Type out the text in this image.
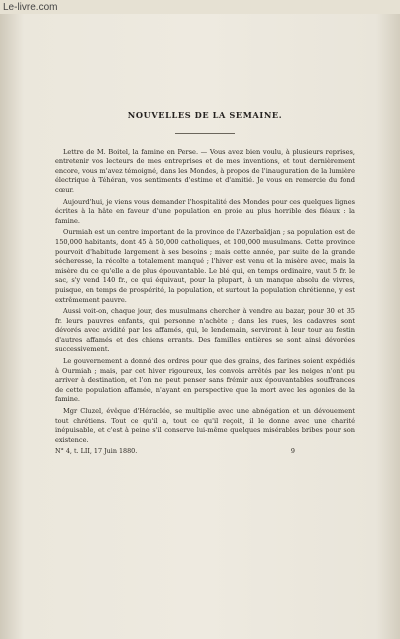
Le-livre.com
NOUVELLES DE LA SEMAINE.

Lettre de M. Boitel, la famine en Perse. — Vous avez bien voulu, à plusieurs reprises, entretenir vos lecteurs de mes entreprises et de mes inventions, et tout dernièrement encore, vous m'avez témoigné, dans les Mondes, à propos de l'inauguration de la lumière électrique à Téhéran, vos sentiments d'estime et d'amitié. Je vous en remercie du fond cœur.

Aujourd'hui, je viens vous demander l'hospitalité des Mondes pour ces quelques lignes écrites à la hâte en faveur d'une population en proie au plus horrible des fléaux : la famine.

Ourmiah est un centre important de la province de l'Azerbaïdjan ; sa population est de 150,000 habitants, dont 45 à 50,000 catholiques, et 100,000 musulmans. Cette province pourvoit d'habitude largement à ses besoins ; mais cette année, par suite de la grande sécheresse, la récolte a totalement manqué ; l'hiver est venu et la misère avec, mais la misère du ce qu'elle a de plus épouvantable. Le blé qui, en temps ordinaire, vaut 5 fr. le sac, s'y vend 140 fr., ce qui équivaut, pour la plupart, à un manque absolu de vivres, puisque, en temps de prospérité, la population, et surtout la population chrétienne, y est extrêmement pauvre.

Aussi voit-on, chaque jour, des musulmans chercher à vendre au bazar, pour 30 et 35 fr. leurs pauvres enfants, qui personne n'achète ; dans les rues, les cadavres sont dévorés avec avidité par les affamés, qui, le lendemain, serviront à leur tour au festin d'autres affamés et des chiens errants. Des familles entières se sont ainsi dévorées successivement.

Le gouvernement a donné des ordres pour que des grains, des farines soient expédiés à Ourmiah ; mais, par cet hiver rigoureux, les convois arrêtés par les neiges n'ont pu arriver à destination, et l'on ne peut penser sans frémir aux épouvantables souffrances de cette population affamée, n'ayant en perspective que la mort avec les agonies de la famine.

Mgr Cluzel, évêque d'Héraclée, se multiplie avec une abnégation et un dévouement tout chrétiens. Tout ce qu'il a, tout ce qu'il reçoit, il le donne avec une charité inépuisable, et c'est à peine s'il conserve lui-même quelques misérables bribes pour son existence.

N° 4, t. LII, 17 Juin 1880.	9
